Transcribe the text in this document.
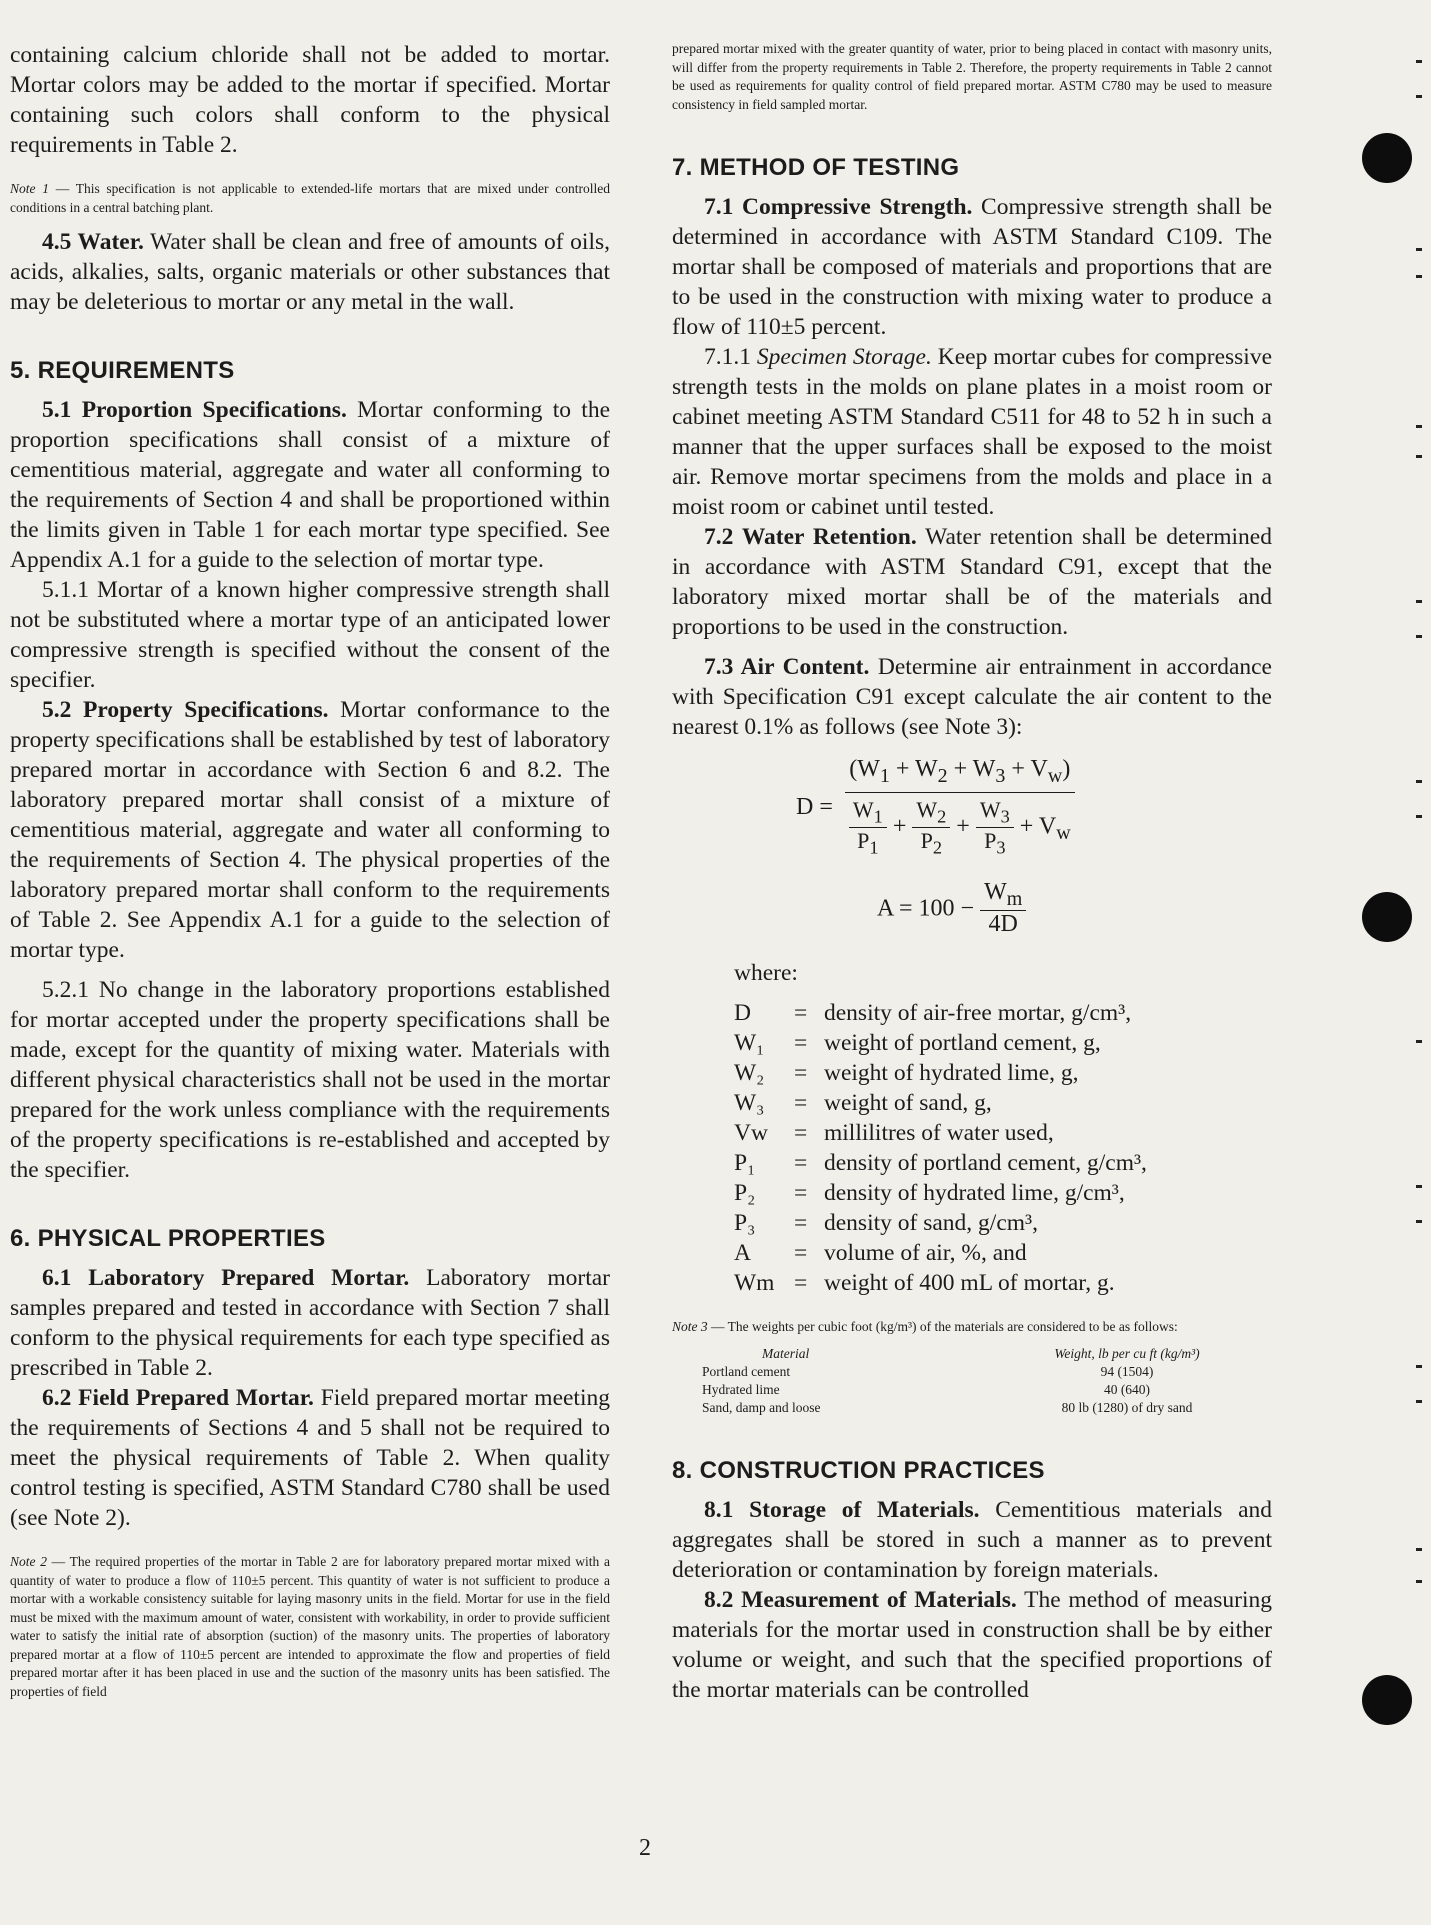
containing calcium chloride shall not be added to mortar. Mortar colors may be added to the mortar if specified. Mortar containing such colors shall conform to the physical requirements in Table 2.

Note 1 — This specification is not applicable to extended-life mortars that are mixed under controlled conditions in a central batching plant.

4.5 Water. Water shall be clean and free of amounts of oils, acids, alkalies, salts, organic materials or other substances that may be deleterious to mortar or any metal in the wall.

5. REQUIREMENTS

5.1 Proportion Specifications. Mortar conforming to the proportion specifications shall consist of a mixture of cementitious material, aggregate and water all conforming to the requirements of Section 4 and shall be proportioned within the limits given in Table 1 for each mortar type specified. See Appendix A.1 for a guide to the selection of mortar type.

5.1.1 Mortar of a known higher compressive strength shall not be substituted where a mortar type of an anticipated lower compressive strength is specified without the consent of the specifier.

5.2 Property Specifications. Mortar conformance to the property specifications shall be established by test of laboratory prepared mortar in accordance with Section 6 and 8.2. The laboratory prepared mortar shall consist of a mixture of cementitious material, aggregate and water all conforming to the requirements of Section 4. The physical properties of the laboratory prepared mortar shall conform to the requirements of Table 2. See Appendix A.1 for a guide to the selection of mortar type.

5.2.1 No change in the laboratory proportions established for mortar accepted under the property specifications shall be made, except for the quantity of mixing water. Materials with different physical characteristics shall not be used in the mortar prepared for the work unless compliance with the requirements of the property specifications is re-established and accepted by the specifier.

6. PHYSICAL PROPERTIES

6.1 Laboratory Prepared Mortar. Laboratory mortar samples prepared and tested in accordance with Section 7 shall conform to the physical requirements for each type specified as prescribed in Table 2.

6.2 Field Prepared Mortar. Field prepared mortar meeting the requirements of Sections 4 and 5 shall not be required to meet the physical requirements of Table 2. When quality control testing is specified, ASTM Standard C780 shall be used (see Note 2).

Note 2 — The required properties of the mortar in Table 2 are for laboratory prepared mortar mixed with a quantity of water to produce a flow of 110±5 percent. This quantity of water is not sufficient to produce a mortar with a workable consistency suitable for laying masonry units in the field. Mortar for use in the field must be mixed with the maximum amount of water, consistent with workability, in order to provide sufficient water to satisfy the initial rate of absorption (suction) of the masonry units. The properties of laboratory prepared mortar at a flow of 110±5 percent are intended to approximate the flow and properties of field prepared mortar after it has been placed in use and the suction of the masonry units has been satisfied. The properties of field

prepared mortar mixed with the greater quantity of water, prior to being placed in contact with masonry units, will differ from the property requirements in Table 2. Therefore, the property requirements in Table 2 cannot be used as requirements for quality control of field prepared mortar. ASTM C780 may be used to measure consistency in field sampled mortar.

7. METHOD OF TESTING

7.1 Compressive Strength. Compressive strength shall be determined in accordance with ASTM Standard C109. The mortar shall be composed of materials and proportions that are to be used in the construction with mixing water to produce a flow of 110±5 percent.

7.1.1 Specimen Storage. Keep mortar cubes for compressive strength tests in the molds on plane plates in a moist room or cabinet meeting ASTM Standard C511 for 48 to 52 h in such a manner that the upper surfaces shall be exposed to the moist air. Remove mortar specimens from the molds and place in a moist room or cabinet until tested.

7.2 Water Retention. Water retention shall be determined in accordance with ASTM Standard C91, except that the laboratory mixed mortar shall be of the materials and proportions to be used in the construction.

7.3 Air Content. Determine air entrainment in accordance with Specification C91 except calculate the air content to the nearest 0.1% as follows (see Note 3):

D =
$(W_1 + W_2 + W_3 + V_w)$
$\frac{W_1}{P_1} + \frac{W_2}{P_2} + \frac{W_3}{P_3} + V_w$
$A = 100 - \frac{W_m}{4D}$

where:

D	= density of air-free mortar, g/cm³,
W₁	= weight of portland cement, g,
W₂	= weight of hydrated lime, g,
W₃	= weight of sand, g,
Vw	= millilitres of water used,
P₁	= density of portland cement, g/cm³,
P₂	= density of hydrated lime, g/cm³,
P₃	= density of sand, g/cm³,
A	= volume of air, %, and
Wm = weight of 400 mL of mortar, g.

Note 3 — The weights per cubic foot (kg/m³) of the materials are considered to be as follows:

Material	Weight, lb per cu ft (kg/m³)
Portland cement	94 (1504)
Hydrated lime	40 (640)
Sand, damp and loose	80 lb (1280) of dry sand
8. CONSTRUCTION PRACTICES

8.1 Storage of Materials. Cementitious materials and aggregates shall be stored in such a manner as to prevent deterioration or contamination by foreign materials.

8.2 Measurement of Materials. The method of measuring materials for the mortar used in construction shall be by either volume or weight, and such that the specified proportions of the mortar materials can be controlled

2
